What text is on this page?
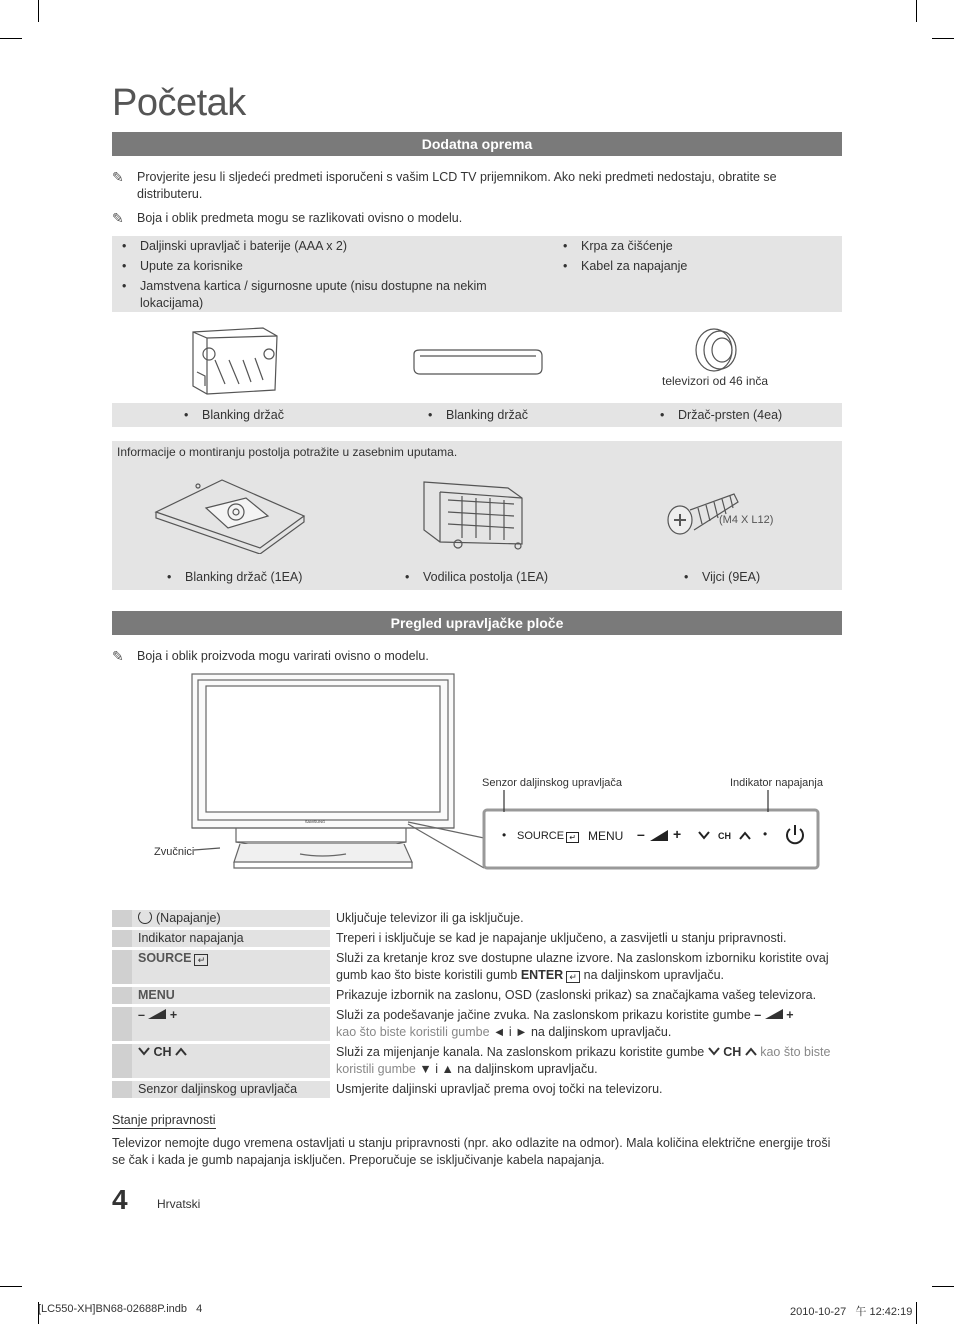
Početak
Dodatna oprema
✎ Provjerite jesu li sljedeći predmeti isporučeni s vašim LCD TV prijemnikom. Ako neki predmeti nedostaju, obratite se distributeru.
✎ Boja i oblik predmeta mogu se razlikovati ovisno o modelu.
• Daljinski upravljač i baterije (AAA x 2)
• Upute za korisnike
• Jamstvena kartica / sigurnosne upute (nisu dostupne na nekim lokacijama)
• Krpa za čišćenje
• Kabel za napajanje
televizori od 46 inča
• Blanking držač	• Blanking držač	• Držač-prsten (4ea)
Informacije o montiranju postolja potražite u zasebnim uputama.
(M4 X L12)
• Blanking držač (1EA)	• Vodilica postolja (1EA)	• Vijci (9EA)
Pregled upravljačke ploče
✎ Boja i oblik proizvoda mogu varirati ovisno o modelu.
SAMSUNG
Senzor daljinskog upravljača	Indikator napajanja
Zvučnici
• SOURCE ↵ MENU – +	CH	•
	(Napajanje)	Uključuje televizor ili ga isključuje.
	Indikator napajanja	Treperi i isključuje se kad je napajanje uključeno, a zasvijetli u stanju pripravnosti.
	SOURCE ↵	Služi za kretanje kroz sve dostupne ulazne izvore. Na zaslonskom izborniku koristite ovaj gumb kao što biste koristili gumb ENTER ↵ na daljinskom upravljaču.
	MENU	Prikazuje izbornik na zaslonu, OSD (zaslonski prikaz) sa značajkama vašeg televizora.
	– +	Služi za podešavanje jačine zvuka. Na zaslonskom prikazu koristite gumbe – +
kao što biste koristili gumbe ◄ i ► na daljinskom upravljaču.
	CH	Služi za mijenjanje kanala. Na zaslonskom prikazu koristite gumbe  CH kao što biste koristili gumbe ▼ i ▲ na daljinskom upravljaču.
	Senzor daljinskog upravljača	Usmjerite daljinski upravljač prema ovoj točki na televizoru.
Stanje pripravnosti
Televizor nemojte dugo vremena ostavljati u stanju pripravnosti (npr. ako odlazite na odmor). Mala količina električne energije troši se čak i kada je gumb napajanja isključen. Preporučuje se isključivanje kabela napajanja.
4 Hrvatski
[LC550-XH]BN68-02688P.indb   4	2010-10-27   午 12:42:19
